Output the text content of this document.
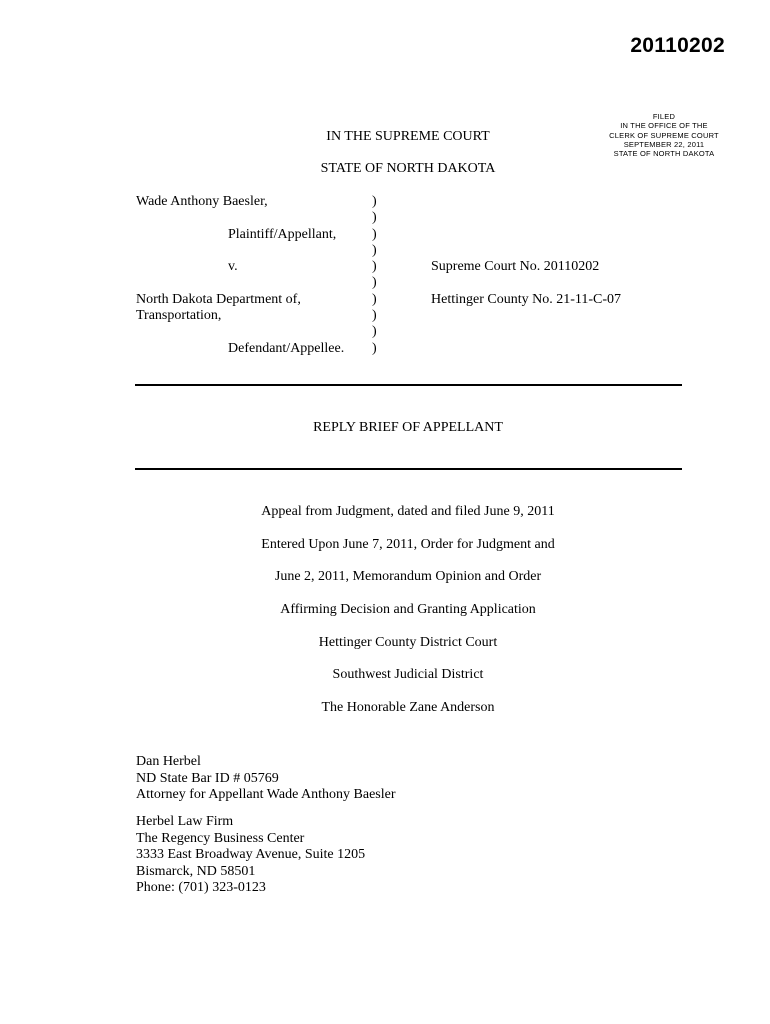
20110202
FILED
IN THE OFFICE OF THE
CLERK OF SUPREME COURT
SEPTEMBER 22, 2011
STATE OF NORTH DAKOTA
IN THE SUPREME COURT
STATE OF NORTH DAKOTA
Wade Anthony Baesler,
Plaintiff/Appellant,
v.
North Dakota Department of,
Transportation,
Defendant/Appellee.
)
)
)
)
)
)
)
)
)
)
Supreme Court No. 20110202
Hettinger County No. 21-11-C-07
REPLY BRIEF OF APPELLANT
Appeal from Judgment, dated and filed June 9, 2011
Entered Upon June 7, 2011, Order for Judgment and
June 2, 2011, Memorandum Opinion and Order
Affirming Decision and Granting Application
Hettinger County District Court
Southwest Judicial District
The Honorable Zane Anderson
Dan Herbel
ND State Bar ID # 05769
Attorney for Appellant Wade Anthony Baesler
Herbel Law Firm
The Regency Business Center
3333 East Broadway Avenue, Suite 1205
Bismarck, ND 58501
Phone: (701) 323-0123
